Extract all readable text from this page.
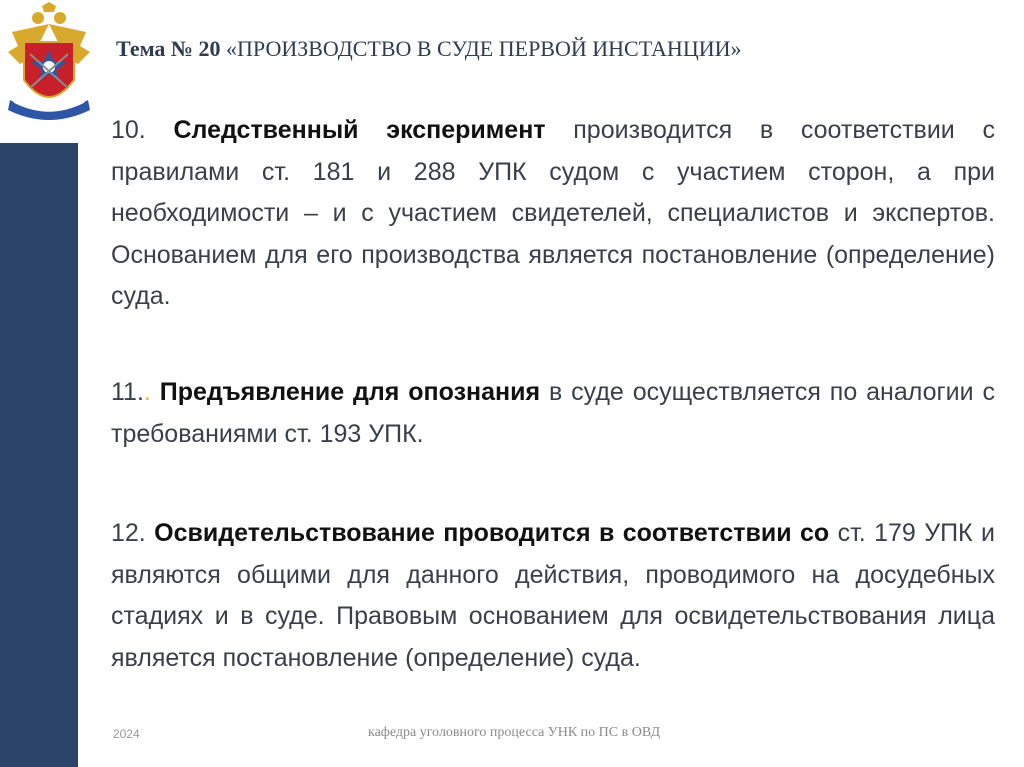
Тема № 20 «ПРОИЗВОДСТВО В СУДЕ ПЕРВОЙ ИНСТАНЦИИ»
10. Следственный эксперимент производится в соответствии с правилами ст. 181 и 288 УПК судом с участием сторон, а при необходимости – и с участием свидетелей, специалистов и экспертов. Основанием для его производства является постановление (определение) суда.
11.. Предъявление для опознания в суде осуществляется по аналогии с требованиями ст. 193 УПК.
12. Освидетельствование проводится в соответствии со ст. 179 УПК и являются общими для данного действия, проводимого на досудебных стадиях и в суде. Правовым основанием для освидетельствования лица является постановление (определение) суда.
2024	кафедра уголовного процесса УНК по ПС в ОВД
